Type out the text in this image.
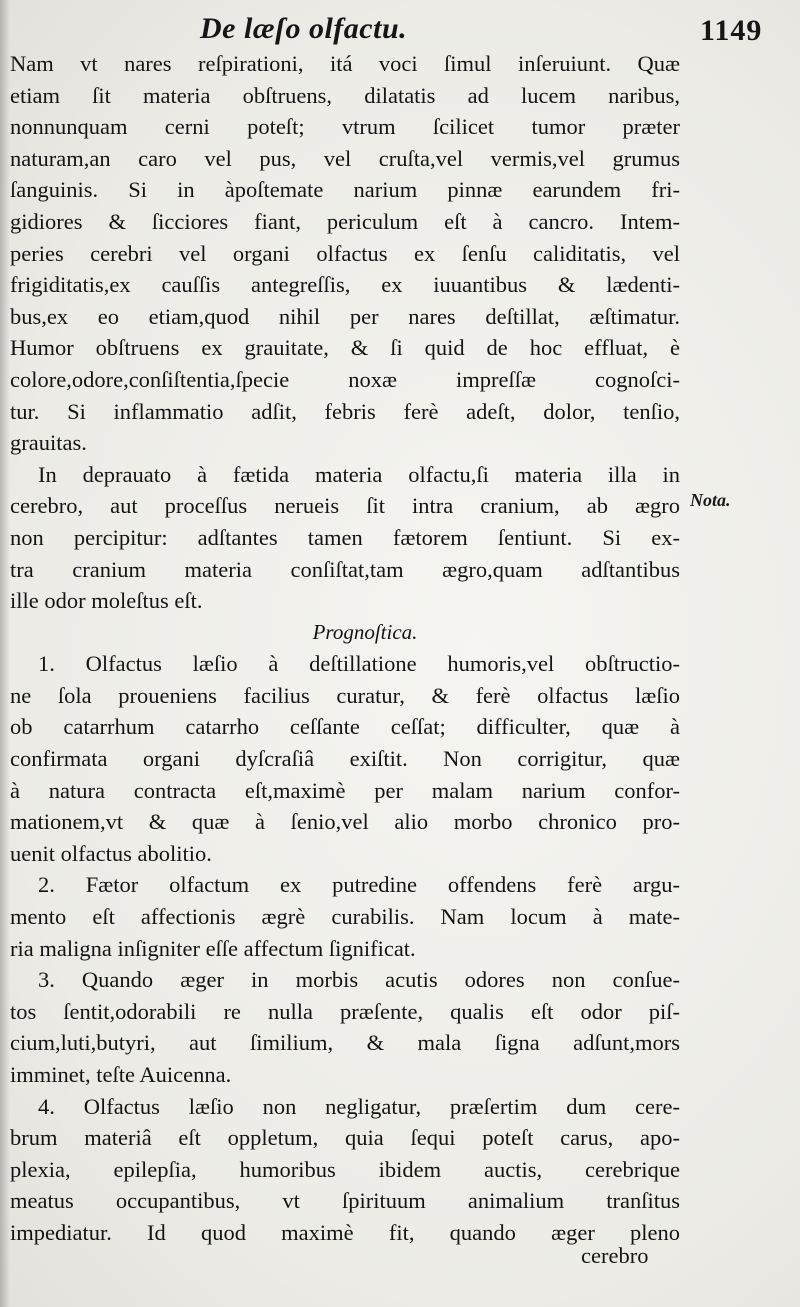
De læſo olfactu.	1149
Nam vt nares reſpirationi, itá voci ſimul inſeruiunt. Quæ
etiam ſit materia obſtruens, dilatatis ad lucem naribus,
nonnunquam cerni poteſt; vtrum ſcilicet tumor præter
naturam,an caro vel pus, vel cruſta,vel vermis,vel grumus
ſanguinis. Si in àpoſtemate narium pinnæ earundem fri-
gidiores & ſicciores fiant, periculum eſt à cancro. Intem-
peries cerebri vel organi olfactus ex ſenſu caliditatis, vel
frigiditatis,ex cauſſis antegreſſis, ex iuuantibus & lædenti-
bus,ex eo etiam,quod nihil per nares deſtillat, æſtimatur.
Humor obſtruens ex grauitate, & ſi quid de hoc effluat, è
colore,odore,conſiſtentia,ſpecie noxæ impreſſæ cognoſci-
tur. Si inflammatio adſit, febris ferè adeſt, dolor, tenſio,
grauitas.
In deprauato à fætida materia olfactu,ſi materia illa in
cerebro, aut proceſſus nerueis ſit intra cranium, ab ægro
non percipitur: adſtantes tamen fætorem ſentiunt. Si ex-
tra cranium materia conſiſtat,tam ægro,quam adſtantibus
ille odor moleſtus eſt.
Prognoſtica.
1. Olfactus læſio à deſtillatione humoris,vel obſtructio-
ne ſola proueniens facilius curatur, & ferè olfactus læſio
ob catarrhum catarrho ceſſante ceſſat; difficulter, quæ à
confirmata organi dyſcraſiâ exiſtit. Non corrigitur, quæ
à natura contracta eſt,maximè per malam narium confor-
mationem,vt & quæ à ſenio,vel alio morbo chronico pro-
uenit olfactus abolitio.
2. Fætor olfactum ex putredine offendens ferè argu-
mento eſt affectionis ægrè curabilis. Nam locum à mate-
ria maligna inſigniter eſſe affectum ſignificat.
3. Quando æger in morbis acutis odores non conſue-
tos ſentit,odorabili re nulla præſente, qualis eſt odor piſ-
cium,luti,butyri, aut ſimilium, & mala ſigna adſunt,mors
imminet, teſte Auicenna.
4. Olfactus læſio non negligatur, præſertim dum cere-
brum materiâ eſt oppletum, quia ſequi poteſt carus, apo-
plexia, epilepſia, humoribus ibidem auctis, cerebrique
meatus occupantibus, vt ſpirituum animalium tranſitus
impediatur. Id quod maximè fit, quando æger pleno
Nota.
cerebro
